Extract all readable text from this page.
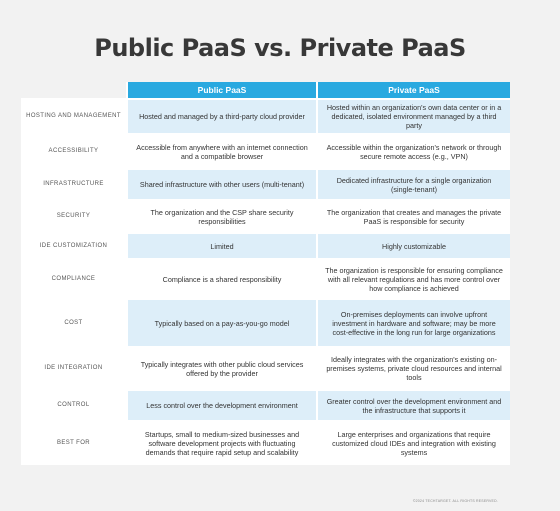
Public PaaS vs. Private PaaS
	Public PaaS	Private PaaS
HOSTING AND MANAGEMENT	Hosted and managed by a third-party cloud provider	Hosted within an organization's own data center or in a dedicated, isolated environment managed by a third party
ACCESSIBILITY	Accessible from anywhere with an internet connection and a compatible browser	Accessible within the organization's network or through secure remote access (e.g., VPN)
INFRASTRUCTURE	Shared infrastructure with other users (multi-tenant)	Dedicated infrastructure for a single organization (single-tenant)
SECURITY	The organization and the CSP share security responsibilities	The organization that creates and manages the private PaaS is responsible for security
IDE CUSTOMIZATION	Limited	Highly customizable
COMPLIANCE	Compliance is a shared responsibility	The organization is responsible for ensuring compliance with all relevant regulations and has more control over how compliance is achieved
COST	Typically based on a pay-as-you-go model	On-premises deployments can involve upfront investment in hardware and software; may be more cost-effective in the long run for large organizations
IDE INTEGRATION	Typically integrates with other public cloud services offered by the provider	Ideally integrates with the organization's existing on-premises systems, private cloud resources and internal tools
CONTROL	Less control over the development environment	Greater control over the development environment and the infrastructure that supports it
BEST FOR	Startups, small to medium-sized businesses and software development projects with fluctuating demands that require rapid setup and scalability	Large enterprises and organizations that require customized cloud IDEs and integration with existing systems
©2024 TECHTARGET. ALL RIGHTS RESERVED.
